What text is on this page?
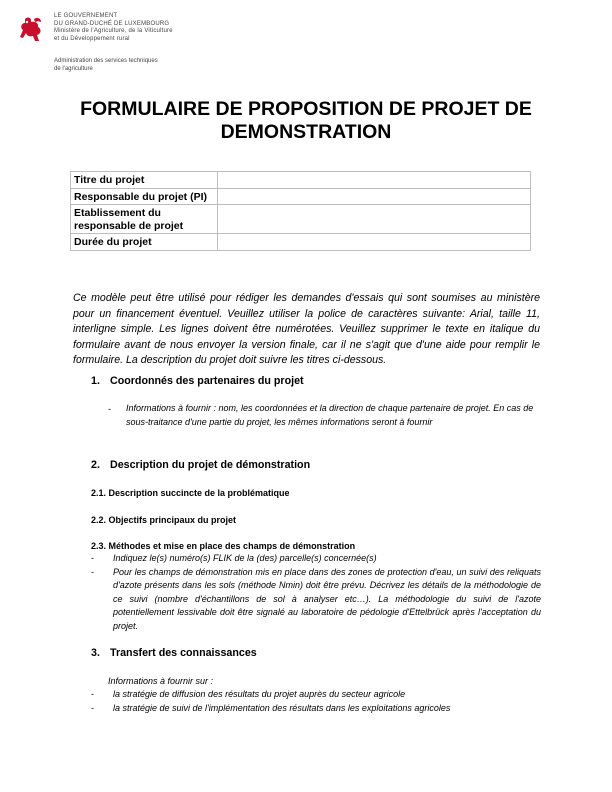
LE GOUVERNEMENT
DU GRAND-DUCHÉ DE LUXEMBOURG
Ministère de l'Agriculture, de la Viticulture
et du Développement rural
Administration des services techniques
de l'agriculture
FORMULAIRE DE PROPOSITION DE PROJET DE
DEMONSTRATION
Titre du projet	
Responsable du projet (PI)	
Etablissement du responsable de projet	
Durée du projet	
Ce modèle peut être utilisé pour rédiger les demandes d'essais qui sont soumises au ministère pour un financement éventuel. Veuillez utiliser la police de caractères suivante: Arial, taille 11, interligne simple. Les lignes doivent être numérotées. Veuillez supprimer le texte en italique du formulaire avant de nous envoyer la version finale, car il ne s'agit que d'une aide pour remplir le formulaire. La description du projet doit suivre les titres ci-dessous.
1. Coordonnés des partenaires du projet
- Informations à fournir : nom, les coordonnées et la direction de chaque partenaire de projet. En cas de sous-traitance d'une partie du projet, les mêmes informations seront à fournir
2. Description du projet de démonstration
2.1. Description succincte de la problématique
2.2. Objectifs principaux du projet
2.3. Méthodes et mise en place des champs de démonstration
- Indiquez le(s) numéro(s) FLIK de la (des) parcelle(s) concernée(s)
- Pour les champs de démonstration mis en place dans des zones de protection d'eau, un suivi des reliquats d'azote présents dans les sols (méthode Nmin) doit être prévu. Décrivez les détails de la méthodologie de ce suivi (nombre d'échantillons de sol à analyser etc…). La méthodologie du suivi de l'azote potentiellement lessivable doit être signalé au laboratoire de pédologie d'Ettelbrück après l'acceptation du projet.
3. Transfert des connaissances
Informations à fournir sur :
- la stratégie de diffusion des résultats du projet auprès du secteur agricole
- la stratégie de suivi de l'implémentation des résultats dans les exploitations agricoles
